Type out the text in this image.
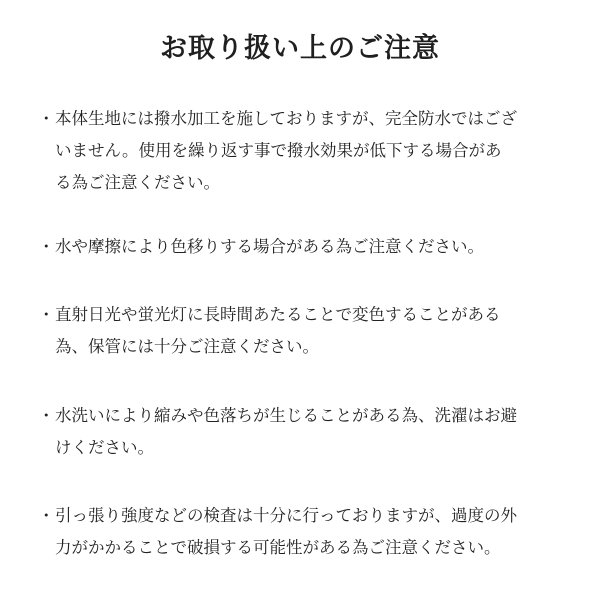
お取り扱い上のご注意
・ 本体生地には撥水加工を施しておりますが、完全防水ではござ
いません。使用を繰り返す事で撥水効果が低下する場合があ
る為ご注意ください。
・ 水や摩擦により色移りする場合がある為ご注意ください。
・ 直射日光や蛍光灯に長時間あたることで変色することがある
為、保管には十分ご注意ください。
・ 水洗いにより縮みや色落ちが生じることがある為、洗濯はお避
けください。
・ 引っ張り強度などの検査は十分に行っておりますが、過度の外
力がかかることで破損する可能性がある為ご注意ください。
